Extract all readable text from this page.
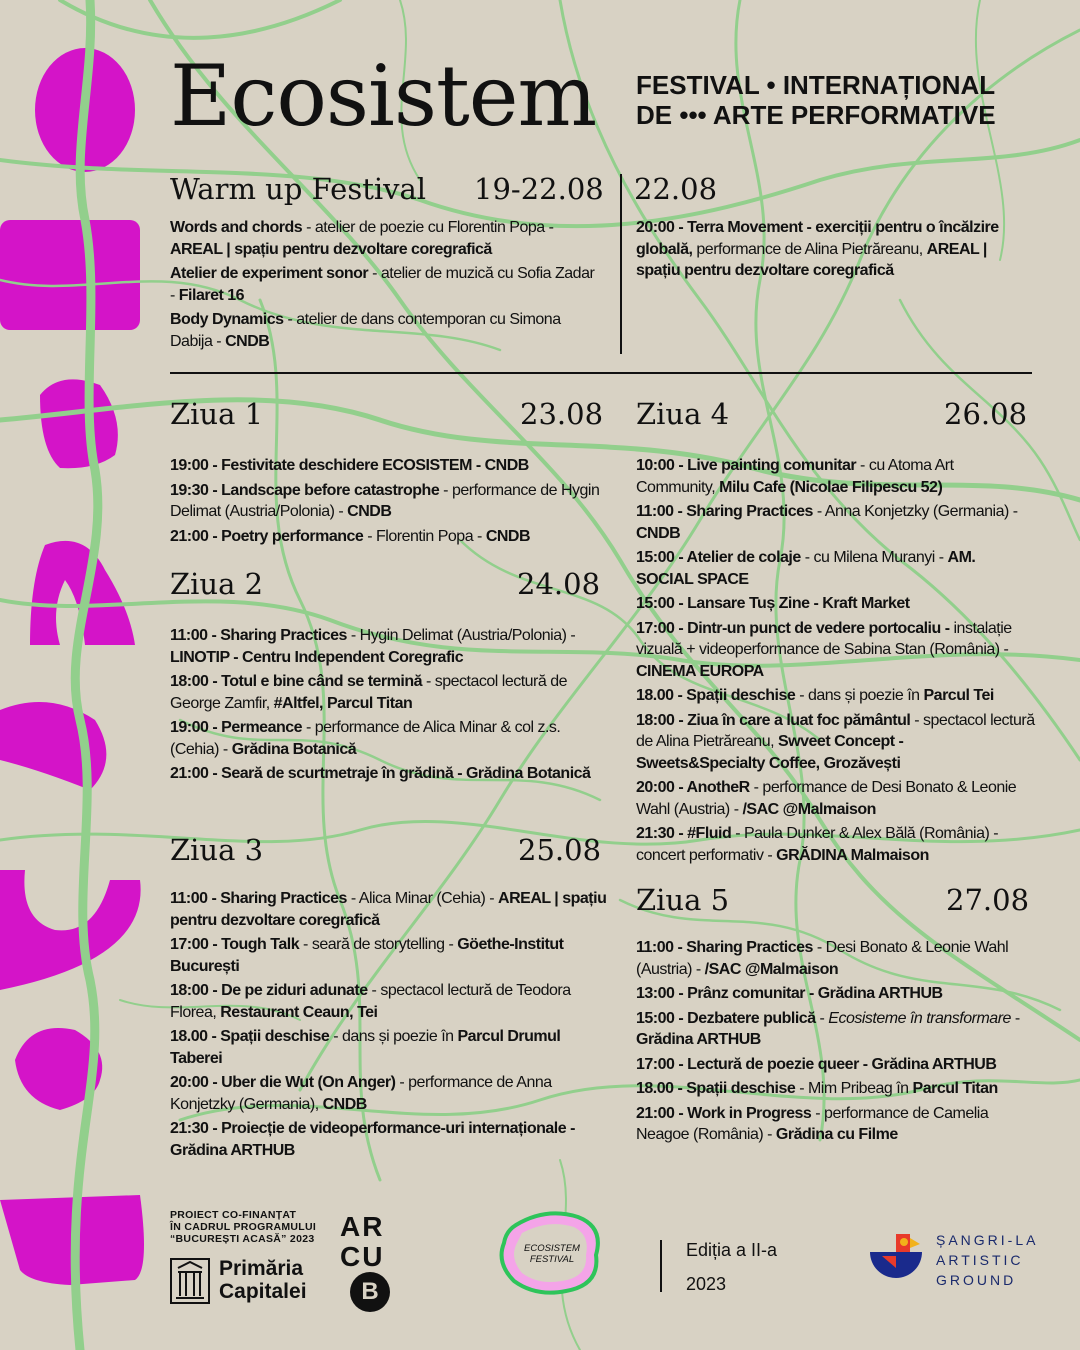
Ecosistem FESTIVAL • INTERNAȚIONAL
DE ••• ARTE PERFORMATIVE
Warm up Festival 19-22.08 22.08
Words and chords - atelier de poezie cu Florentin Popa - AREAL | spațiu pentru dezvoltare coregrafică
Atelier de experiment sonor - atelier de muzică cu Sofia Zadar - Filaret 16
Body Dynamics - atelier de dans contemporan cu Simona Dabija - CNDB
20:00 - Terra Movement - exerciții pentru o încălzire globală, performance de Alina Pietrăreanu, AREAL | spațiu pentru dezvoltare coregrafică
Ziua 1	23.08
19:00 - Festivitate deschidere ECOSISTEM - CNDB
19:30 - Landscape before catastrophe - performance de Hygin Delimat (Austria/Polonia) - CNDB
21:00 - Poetry performance - Florentin Popa - CNDB
Ziua 2	24.08
11:00 - Sharing Practices - Hygin Delimat (Austria/Polonia) - LINOTIP - Centru Independent Coregrafic
18:00 - Totul e bine când se termină - spectacol lectură de George Zamfir, #Altfel, Parcul Titan
19:00 - Permeance - performance de Alica Minar & col z.s. (Cehia) - Grădina Botanică
21:00 - Seară de scurtmetraje în grădină - Grădina Botanică
Ziua 3	25.08
11:00 - Sharing Practices - Alica Minar (Cehia) - AREAL | spațiu pentru dezvoltare coregrafică
17:00 - Tough Talk - seară de storytelling - Göethe-Institut București
18:00 - De pe ziduri adunate - spectacol lectură de Teodora Florea, Restaurant Ceaun, Tei
18.00 - Spații deschise - dans și poezie în Parcul Drumul Taberei
20:00 - Uber die Wut (On Anger) - performance de Anna Konjetzky (Germania), CNDB
21:30 - Proiecție de videoperformance-uri internaționale - Grădina ARTHUB
Ziua 4	26.08
10:00 - Live painting comunitar - cu Atoma Art Community, Milu Cafe (Nicolae Filipescu 52)
11:00 - Sharing Practices - Anna Konjetzky (Germania) - CNDB
15:00 - Atelier de colaje - cu Milena Muranyi - AM. SOCIAL SPACE
15:00 - Lansare Tuș Zine - Kraft Market
17:00 - Dintr-un punct de vedere portocaliu - instalație vizuală + videoperformance de Sabina Stan (România) - CINEMA EUROPA
18.00 - Spații deschise - dans și poezie în Parcul Tei
18:00 - Ziua în care a luat foc pământul - spectacol lectură de Alina Pietrăreanu, Swveet Concept - Sweets&Specialty Coffee, Grozăvești
20:00 - AnotheR - performance de Desi Bonato & Leonie Wahl (Austria) - /SAC @Malmaison
21:30 - #Fluid - Paula Dunker & Alex Bălă (România) - concert performativ - GRĂDINA Malmaison
Ziua 5	27.08
11:00 - Sharing Practices - Desi Bonato & Leonie Wahl (Austria) - /SAC @Malmaison
13:00 - Prânz comunitar - Grădina ARTHUB
15:00 - Dezbatere publică - Ecosisteme în transformare - Grădina ARTHUB
17:00 - Lectură de poezie queer - Grădina ARTHUB
18.00 - Spații deschise - Mim Pribeag în Parcul Titan
21:00 - Work in Progress - performance de Camelia Neagoe (România) - Grădina cu Filme
PROIECT CO-FINANȚAT
ÎN CADRUL PROGRAMULUI
“BUCUREȘTI ACASĂ” 2023
Primăria
Capitalei
AR
CU
B
ECOSISTEM
FESTIVAL	Ediția a II-a
2023
ȘANGRI-LA
ARTISTIC
GROUND
